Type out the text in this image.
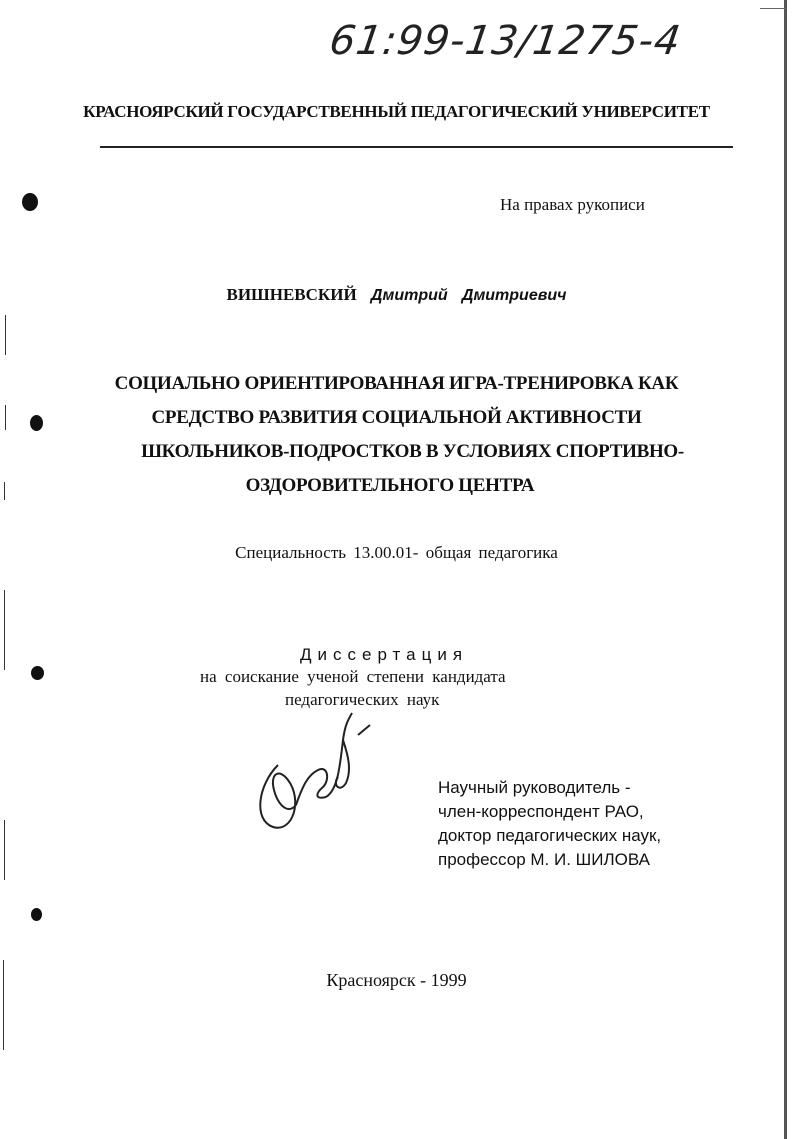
61:99-13/1275-4
КРАСНОЯРСКИЙ ГОСУДАРСТВЕННЫЙ ПЕДАГОГИЧЕСКИЙ УНИВЕРСИТЕТ
На правах рукописи
ВИШНЕВСКИЙ Дмитрий Дмитриевич
СОЦИАЛЬНО ОРИЕНТИРОВАННАЯ ИГРА-ТРЕНИРОВКА КАК
СРЕДСТВО РАЗВИТИЯ СОЦИАЛЬНОЙ АКТИВНОСТИ
ШКОЛЬНИКОВ-ПОДРОСТКОВ В УСЛОВИЯХ СПОРТИВНО-
ОЗДОРОВИТЕЛЬНОГО ЦЕНТРА
Специальность 13.00.01- общая педагогика
Диссертация
на соискание ученой степени кандидата
педагогических наук
Научный руководитель -
член-корреспондент РАО,
доктор педагогических наук,
профессор М. И. ШИЛОВА
Красноярск - 1999
